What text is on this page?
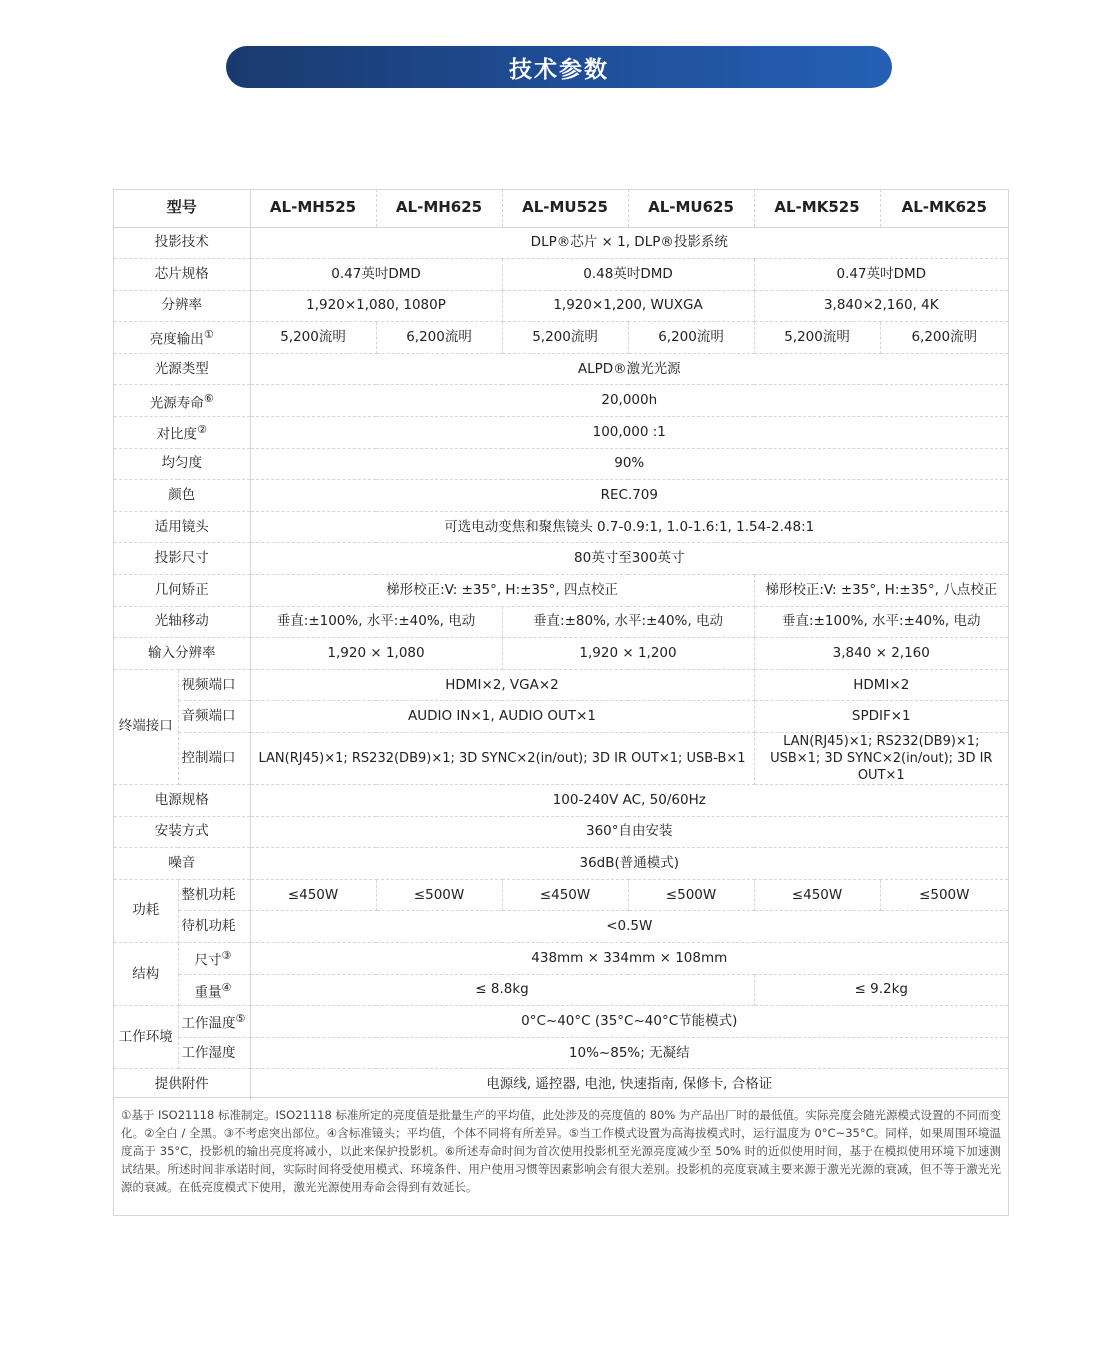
技术参数
型号		AL-MH525	AL-MH625	AL-MU525	AL-MU625	AL-MK525	AL-MK625
投影技术		DLP®芯片 × 1, DLP®投影系统					
芯片规格		0.47英吋DMD		0.48英吋DMD		0.47英吋DMD	
分辨率		1,920×1,080, 1080P		1,920×1,200, WUXGA		3,840×2,160, 4K	
亮度输出①		5,200流明	6,200流明	5,200流明	6,200流明	5,200流明	6,200流明
光源类型		ALPD®激光光源					
光源寿命⑥		20,000h					
对比度②		100,000 :1					
均匀度		90%					
颜色		REC.709					
适用镜头		可选电动变焦和聚焦镜头 0.7-0.9:1, 1.0-1.6:1, 1.54-2.48:1					
投影尺寸		80英寸至300英寸					
几何矫正		梯形校正:V: ±35°, H:±35°, 四点校正				梯形校正:V: ±35°, H:±35°, 八点校正	
光轴移动		垂直:±100%, 水平:±40%, 电动		垂直:±80%, 水平:±40%, 电动		垂直:±100%, 水平:±40%, 电动	
输入分辨率		1,920 × 1,080		1,920 × 1,200		3,840 × 2,160	
终端接口	视频端口	HDMI×2, VGA×2				HDMI×2	
	音频端口	AUDIO IN×1, AUDIO OUT×1				SPDIF×1	
	控制端口	LAN(RJ45)×1; RS232(DB9)×1; 3D SYNC×2(in/out); 3D IR OUT×1; USB-B×1				LAN(RJ45)×1; RS232(DB9)×1; USB×1; 3D SYNC×2(in/out); 3D IR OUT×1	
电源规格		100-240V AC, 50/60Hz					
安装方式		360°自由安装					
噪音		36dB(普通模式)					
功耗	整机功耗	≤450W	≤500W	≤450W	≤500W	≤450W	≤500W
	待机功耗	<0.5W					
结构	尺寸③	438mm × 334mm × 108mm					
	重量④	≤ 8.8kg				≤ 9.2kg	
工作环境	工作温度⑤	0°C~40°C (35°C~40°C节能模式)					
	工作湿度	10%~85%; 无凝结					
提供附件		电源线, 遥控器, 电池, 快速指南, 保修卡, 合格证					
①基于 ISO21118 标准制定。ISO21118 标准所定的亮度值是批量生产的平均值，此处涉及的亮度值的 80% 为产品出厂时的最低值。实际亮度会随光源模式设置的不同而变化。②全白 / 全黑。③不考虑突出部位。④含标准镜头；平均值，个体不同将有所差异。⑤当工作模式设置为高海拔模式时，运行温度为 0°C~35°C。同样，如果周围环境温度高于 35°C，投影机的输出亮度将减小，以此来保护投影机。⑥所述寿命时间为首次使用投影机至光源亮度减少至 50% 时的近似使用时间，基于在模拟使用环境下加速测试结果。所述时间非承诺时间，实际时间将受使用模式、环境条件、用户使用习惯等因素影响会有很大差别。投影机的亮度衰减主要来源于激光光源的衰减，但不等于激光光源的衰减。在低亮度模式下使用，激光光源使用寿命会得到有效延长。
